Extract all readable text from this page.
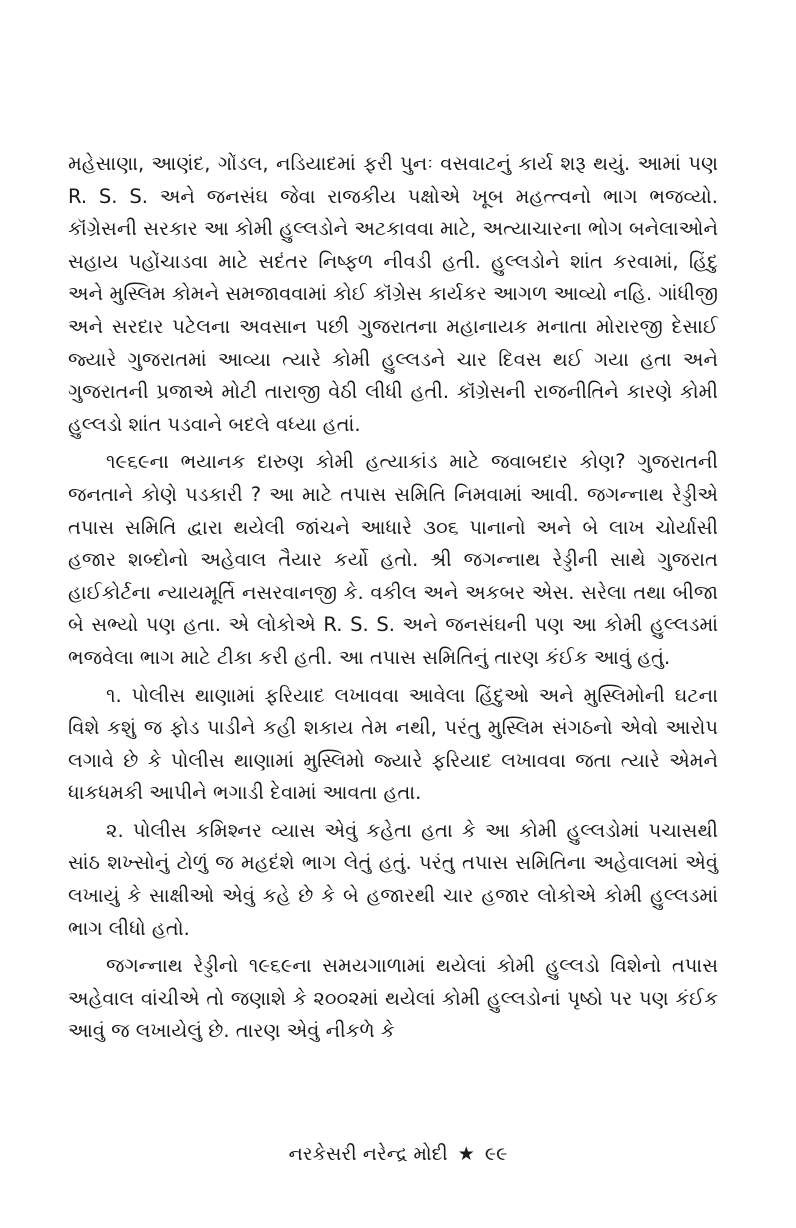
મહેસાણા, આણંદ, ગોંડલ, નડિયાદમાં ફરી પુનઃ વસવાટનું કાર્ય શરૂ થયું. આમાં પણ R. S. S. અને જનસંઘ જેવા રાજકીય પક્ષોએ ખૂબ મહત્ત્વનો ભાગ ભજવ્યો. કૉંગ્રેસની સરકાર આ કોમી હુલ્લડોને અટકાવવા માટે, અત્યાચારના ભોગ બનેલાઓને સહાય પહોંચાડવા માટે સદંતર નિષ્ફળ નીવડી હતી. હુલ્લડોને શાંત કરવામાં, હિંદુ અને મુસ્લિમ કોમને સમજાવવામાં કોઈ કૉંગ્રેસ કાર્યકર આગળ આવ્યો નહિ. ગાંધીજી અને સરદાર પટેલના અવસાન પછી ગુજરાતના મહાનાયક મનાતા મોરારજી દેસાઈ જ્યારે ગુજરાતમાં આવ્યા ત્યારે કોમી હુલ્લડને ચાર દિવસ થઈ ગયા હતા અને ગુજરાતની પ્રજાએ મોટી તારાજી વેઠી લીધી હતી. કૉંગ્રેસની રાજનીતિને કારણે કોમી હુલ્લડો શાંત પડવાને બદલે વધ્યા હતાં.

૧૯૬૯ના ભયાનક દારુણ કોમી હત્યાકાંડ માટે જવાબદાર કોણ? ગુજરાતની જનતાને કોણે પડકારી ? આ માટે તપાસ સમિતિ નિમવામાં આવી. જગન્નાથ રેડ્ડીએ તપાસ સમિતિ દ્વારા થયેલી જાંચને આધારે ૩૦૬ પાનાનો અને બે લાખ ચોર્યાસી હજાર શબ્દોનો અહેવાલ તૈયાર કર્યો હતો. શ્રી જગન્નાથ રેડ્ડીની સાથે ગુજરાત હાઈકોર્ટના ન્યાયમૂર્તિ નસરવાનજી કે. વકીલ અને અકબર એસ. સરેલા તથા બીજા બે સભ્યો પણ હતા. એ લોકોએ R. S. S. અને જનસંઘની પણ આ કોમી હુલ્લડમાં ભજવેલા ભાગ માટે ટીકા કરી હતી. આ તપાસ સમિતિનું તારણ કંઈક આવું હતું.

૧. પોલીસ થાણામાં ફરિયાદ લખાવવા આવેલા હિંદુઓ અને મુસ્લિમોની ઘટના વિશે કશું જ ફોડ પાડીને કહી શકાય તેમ નથી, પરંતુ મુસ્લિમ સંગઠનો એવો આરોપ લગાવે છે કે પોલીસ થાણામાં મુસ્લિમો જ્યારે ફરિયાદ લખાવવા જતા ત્યારે એમને ધાકધમકી આપીને ભગાડી દેવામાં આવતા હતા.

૨. પોલીસ કમિશ્નર વ્યાસ એવું કહેતા હતા કે આ કોમી હુલ્લડોમાં પચાસથી સાંઠ શખ્સોનું ટોળું જ મહદંશે ભાગ લેતું હતું. પરંતુ તપાસ સમિતિના અહેવાલમાં એવું લખાયું કે સાક્ષીઓ એવું કહે છે કે બે હજારથી ચાર હજાર લોકોએ કોમી હુલ્લડમાં ભાગ લીધો હતો.

જગન્નાથ રેડ્ડીનો ૧૯૬૯ના સમયગાળામાં થયેલાં કોમી હુલ્લડો વિશેનો તપાસ અહેવાલ વાંચીએ તો જણાશે કે ૨૦૦૨માં થયેલાં કોમી હુલ્લડોનાં પૃષ્ઠો પર પણ કંઈક આવું જ લખાયેલું છે. તારણ એવું નીકળે કે

નરકેસરી નરેન્દ્ર મોદી ★ ૯૯
